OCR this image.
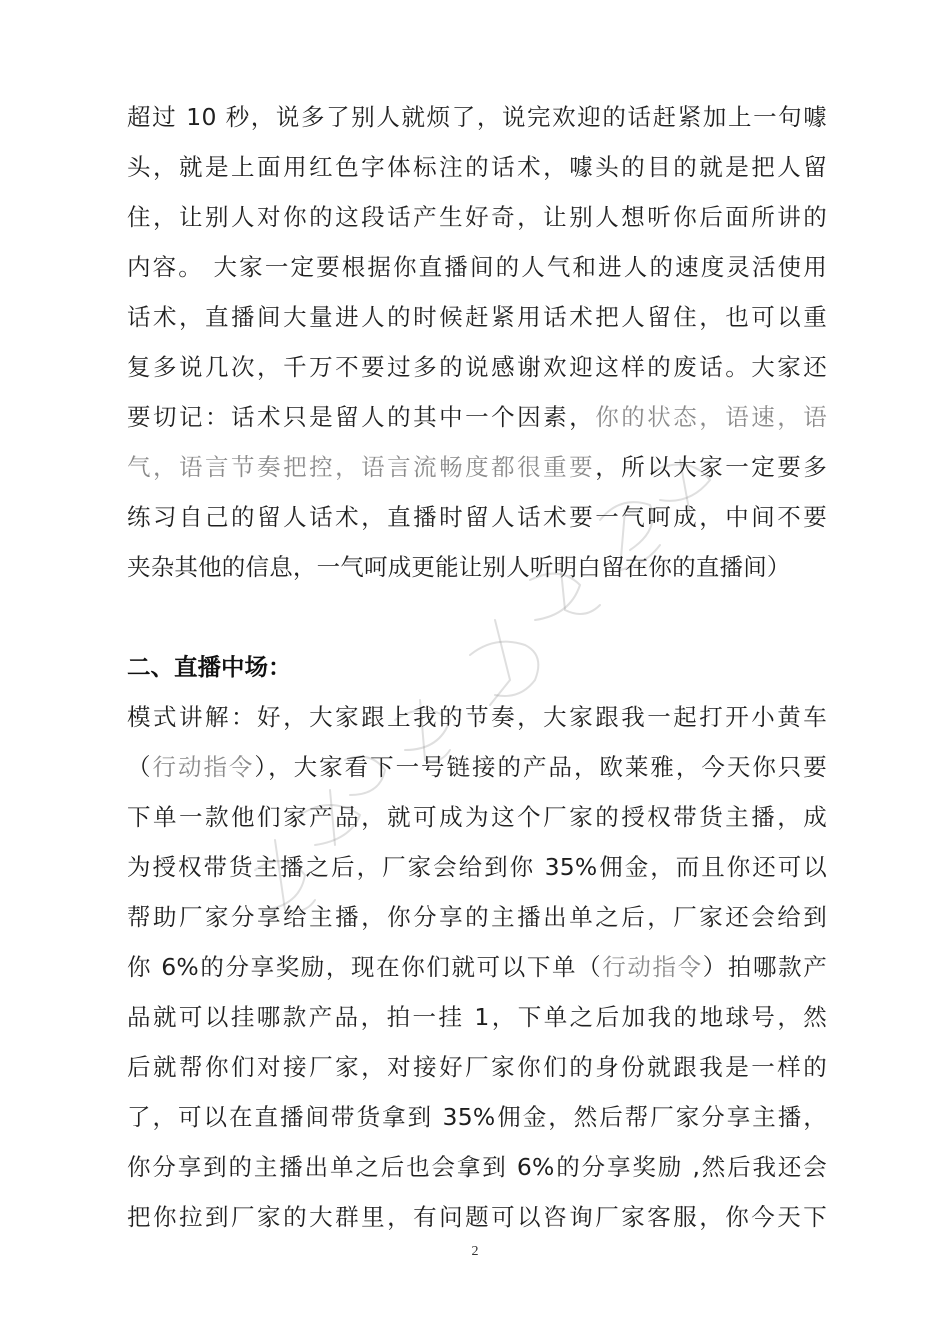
超过 10 秒，说多了别人就烦了，说完欢迎的话赶紧加上一句噱
头，就是上面用红色字体标注的话术，噱头的目的就是把人留
住，让别人对你的这段话产生好奇，让别人想听你后面所讲的
内容。 大家一定要根据你直播间的人气和进人的速度灵活使用
话术，直播间大量进人的时候赶紧用话术把人留住，也可以重
复多说几次，千万不要过多的说感谢欢迎这样的废话。大家还
要切记：话术只是留人的其中一个因素，你的状态，语速，语
气，语言节奏把控，语言流畅度都很重要，所以大家一定要多
练习自己的留人话术，直播时留人话术要一气呵成，中间不要
夹杂其他的信息，一气呵成更能让别人听明白留在你的直播间）
二、直播中场：
模式讲解：好，大家跟上我的节奏，大家跟我一起打开小黄车
（行动指令），大家看下一号链接的产品，欧莱雅，今天你只要
下单一款他们家产品，就可成为这个厂家的授权带货主播，成
为授权带货主播之后，厂家会给到你 35%佣金，而且你还可以
帮助厂家分享给主播，你分享的主播出单之后，厂家还会给到
你 6%的分享奖励，现在你们就可以下单（行动指令）拍哪款产
品就可以挂哪款产品，拍一挂 1，下单之后加我的地球号，然
后就帮你们对接厂家，对接好厂家你们的身份就跟我是一样的
了，可以在直播间带货拿到 35%佣金，然后帮厂家分享主播，
你分享到的主播出单之后也会拿到 6%的分享奖励 ,然后我还会
把你拉到厂家的大群里，有问题可以咨询厂家客服，你今天下
2
